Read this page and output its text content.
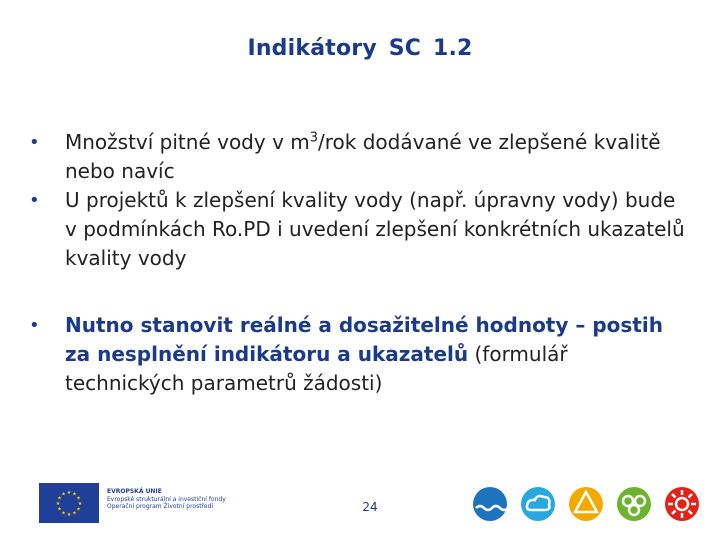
Indikátory SC 1.2
• Množství pitné vody v $m^3$/rok dodávané ve zlepšené kvalitě nebo navíc
• U projektů k zlepšení kvality vody (např. úpravny vody) bude v podmínkách Ro.PD i uvedení zlepšení konkrétních ukazatelů kvality vody
• Nutno stanovit reálné a dosažitelné hodnoty – postih za nesplnění indikátoru a ukazatelů (formulář technických parametrů žádosti)
★
★
★
★
★
★
★
★
★ ★ ★
★
EVROPSKÁ UNIE
Evropské strukturální a investiční fondy
Operační program Životní prostředí	24
